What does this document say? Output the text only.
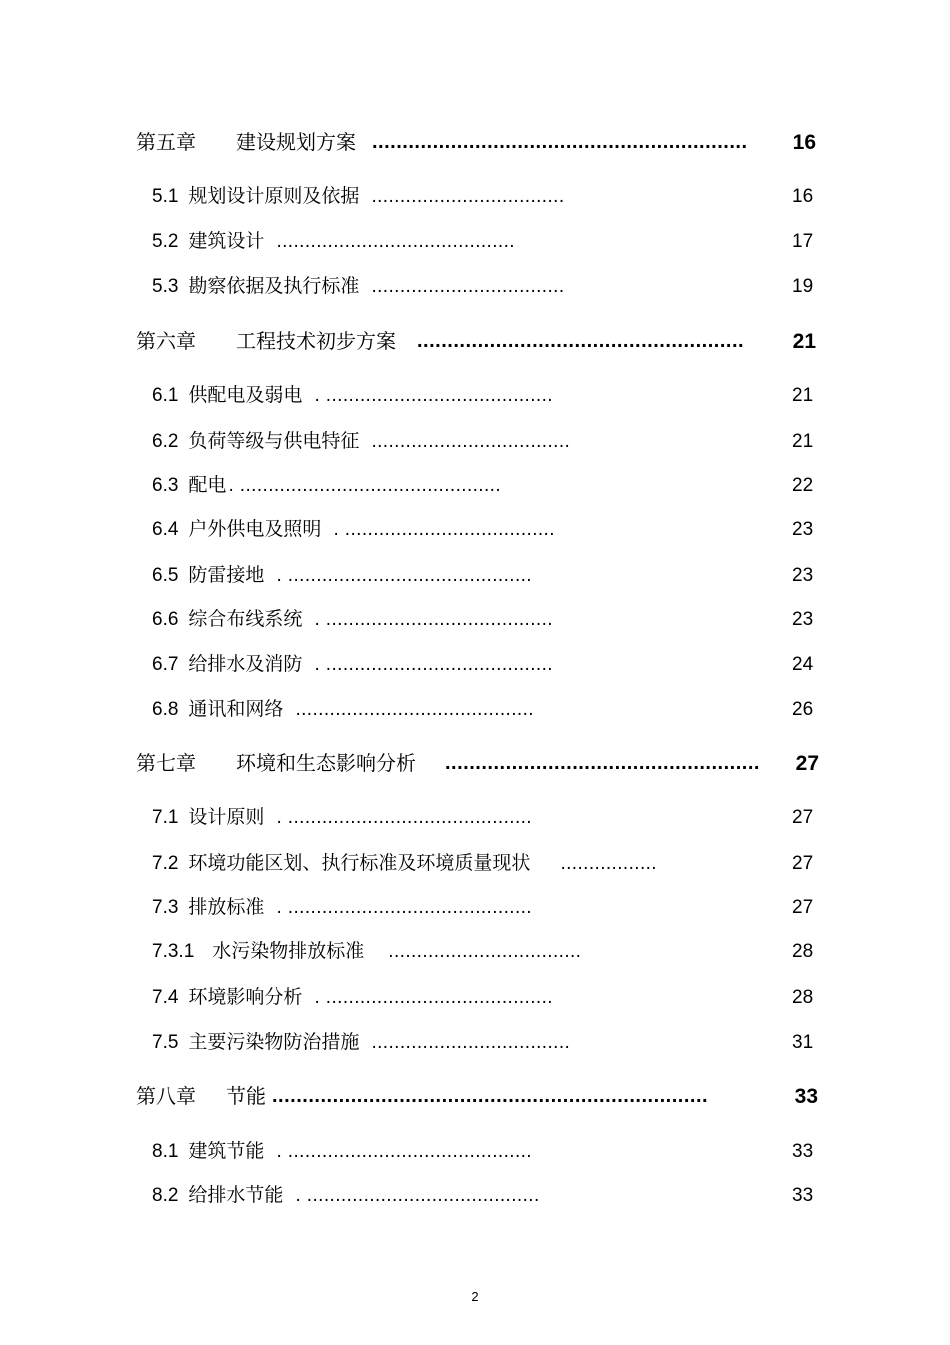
第五章 建设规划方案 ..............................................................	16
5.1 规划设计原则及依据 ..................................	16
5.2 建筑设计 ..........................................	17
5.3 勘察依据及执行标准 ..................................	19
第六章 工程技术初步方案 ......................................................	21
6.1 供配电及弱电 . ........................................	21
6.2 负荷等级与供电特征 ...................................	21
6.3 配电 . ..............................................	22
6.4 户外供电及照明 . .....................................	23
6.5 防雷接地 . ...........................................	23
6.6 综合布线系统 . ........................................	23
6.7 给排水及消防 . ........................................	24
6.8 通讯和网络 ..........................................	26
第七章 环境和生态影响分析 ....................................................	27
7.1 设计原则 . ...........................................	27
7.2 环境功能区划、执行标准及环境质量现状 .................	27
7.3 排放标准 . ...........................................	27
7.3.1 水污染物排放标准 ..................................	28
7.4 环境影响分析 . ........................................	28
7.5 主要污染物防治措施 ...................................	31
第八章 节能 ........................................................................	33
8.1 建筑节能 . ...........................................	33
8.2 给排水节能 . .........................................	33
2
